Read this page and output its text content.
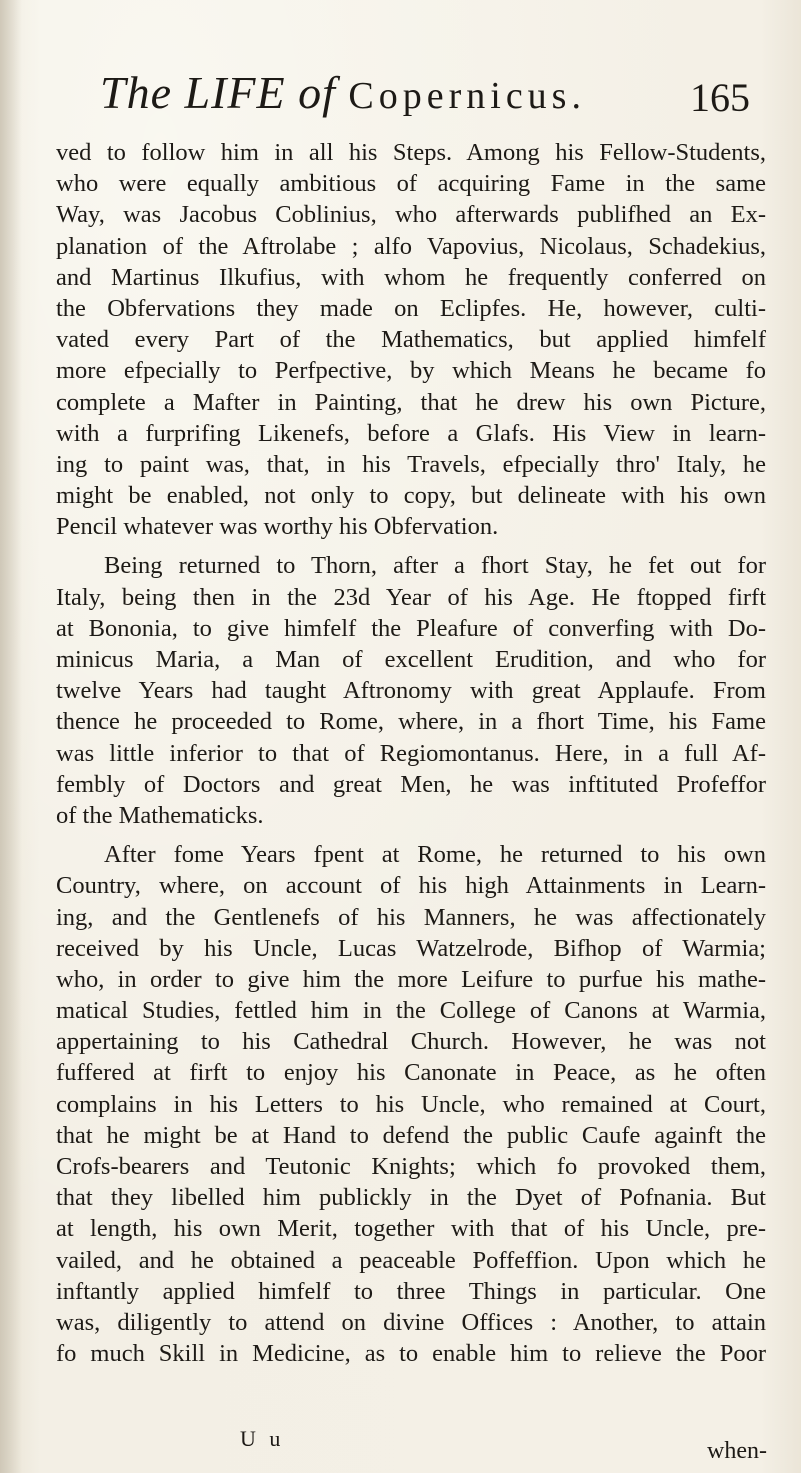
The LIFE of Copernicus.	165
ved to follow him in all his Steps. Among his Fellow-Students,
who were equally ambitious of acquiring Fame in the same
Way, was Jacobus Coblinius, who afterwards publifhed an Ex-
planation of the Aftrolabe ; alfo Vapovius, Nicolaus, Schadekius,
and Martinus Ilkufius, with whom he frequently conferred on
the Obfervations they made on Eclipfes. He, however, culti-
vated every Part of the Mathematics, but applied himfelf
more efpecially to Perfpective, by which Means he became fo
complete a Mafter in Painting, that he drew his own Picture,
with a furprifing Likenefs, before a Glafs. His View in learn-
ing to paint was, that, in his Travels, efpecially thro' Italy, he
might be enabled, not only to copy, but delineate with his own
Pencil whatever was worthy his Obfervation.
Being returned to Thorn, after a fhort Stay, he fet out for
Italy, being then in the 23d Year of his Age. He ftopped firft
at Bononia, to give himfelf the Pleafure of converfing with Do-
minicus Maria, a Man of excellent Erudition, and who for
twelve Years had taught Aftronomy with great Applaufe. From
thence he proceeded to Rome, where, in a fhort Time, his Fame
was little inferior to that of Regiomontanus. Here, in a full Af-
fembly of Doctors and great Men, he was inftituted Profeffor
of the Mathematicks.
After fome Years fpent at Rome, he returned to his own
Country, where, on account of his high Attainments in Learn-
ing, and the Gentlenefs of his Manners, he was affectionately
received by his Uncle, Lucas Watzelrode, Bifhop of Warmia;
who, in order to give him the more Leifure to purfue his mathe-
matical Studies, fettled him in the College of Canons at Warmia,
appertaining to his Cathedral Church. However, he was not
fuffered at firft to enjoy his Canonate in Peace, as he often
complains in his Letters to his Uncle, who remained at Court,
that he might be at Hand to defend the public Caufe againft the
Crofs-bearers and Teutonic Knights; which fo provoked them,
that they libelled him publickly in the Dyet of Pofnania. But
at length, his own Merit, together with that of his Uncle, pre-
vailed, and he obtained a peaceable Poffeffion. Upon which he
inftantly applied himfelf to three Things in particular. One
was, diligently to attend on divine Offices : Another, to attain
fo much Skill in Medicine, as to enable him to relieve the Poor
U u	when-
